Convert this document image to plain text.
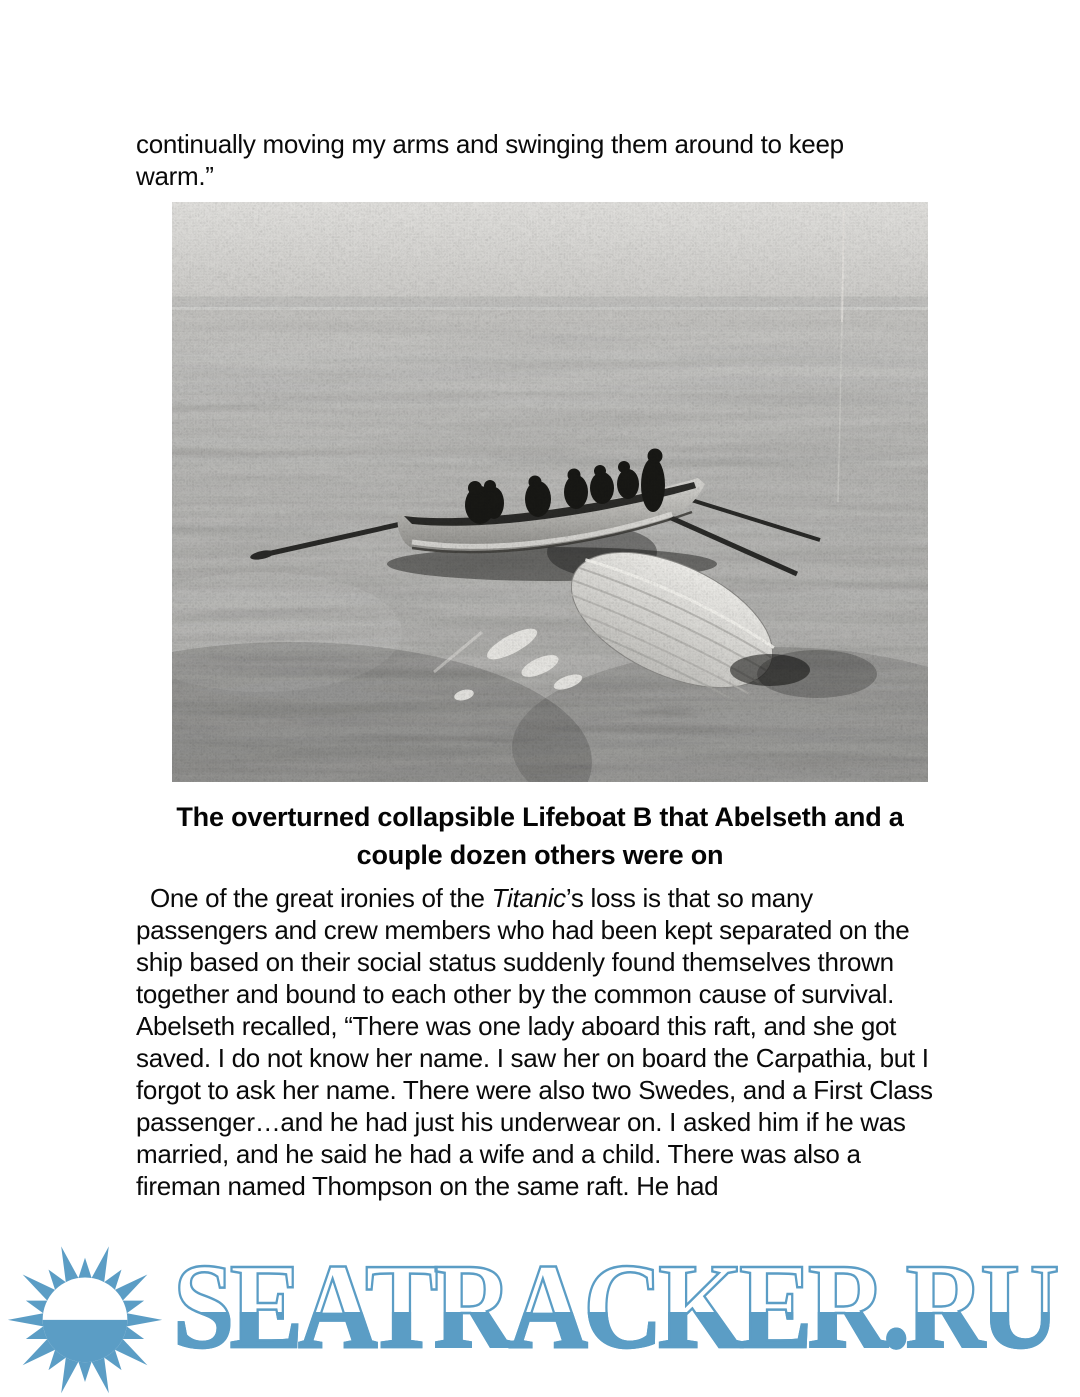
continually moving my arms and swinging them around to keep warm.”

The overturned collapsible Lifeboat B that Abelseth and a couple dozen others were on

One of the great ironies of the Titanic’s loss is that so many passengers and crew members who had been kept separated on the ship based on their social status suddenly found themselves thrown together and bound to each other by the common cause of survival.  Abelseth recalled, “There was one lady aboard this raft, and she got saved. I do not know her name. I saw her on board the Carpathia, but I forgot to ask her name. There were also two Swedes, and a First Class passenger…and he had just his underwear on. I asked him if he was married, and he said he had a wife and a child. There was also a fireman named Thompson on the same raft. He had

SEATRACKER.RU
